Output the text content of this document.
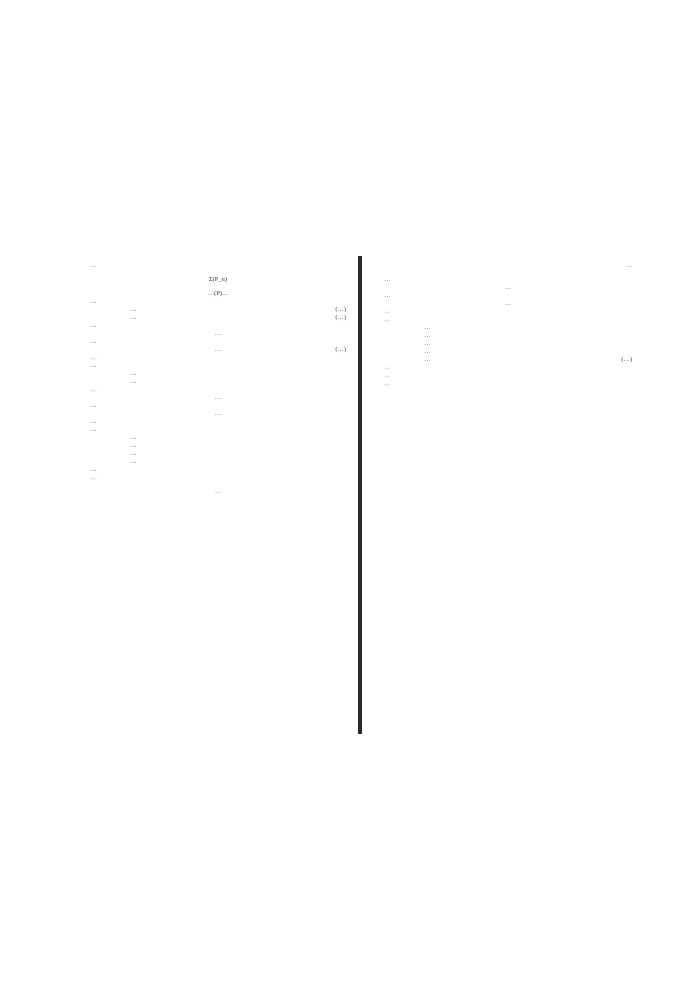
…
Σ(P_α)
…(P)…
…
…	(…)
…	(…)
…
…
…
…	(…)
…
…
…
…
…
…
…
…
…
…
…
…
…
…
…
…
…
…
…
…
…
…
…
…
…
…
…
…
…	(…)
…
…
…
